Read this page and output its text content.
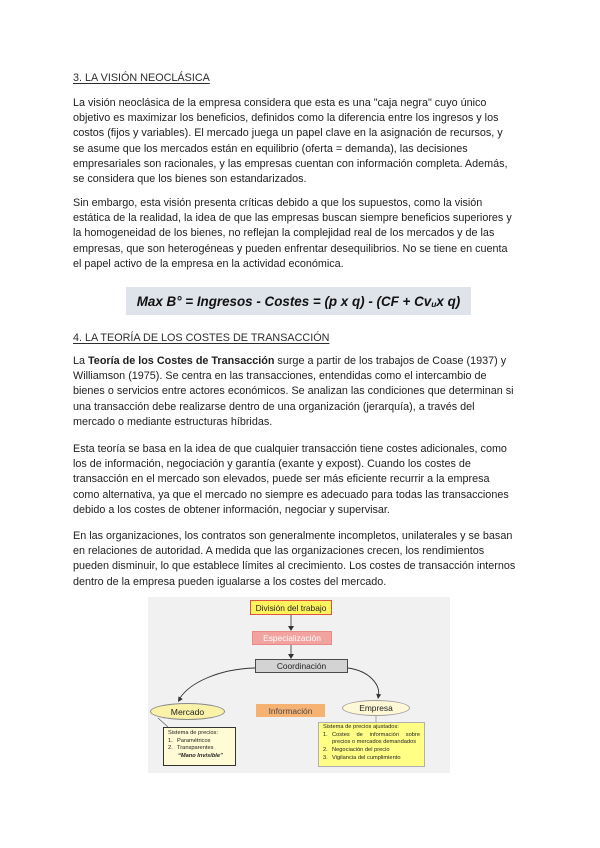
3. LA VISIÓN NEOCLÁSICA
La visión neoclásica de la empresa considera que esta es una "caja negra" cuyo único
objetivo es maximizar los beneficios, definidos como la diferencia entre los ingresos y los
costos (fijos y variables). El mercado juega un papel clave en la asignación de recursos, y
se asume que los mercados están en equilibrio (oferta = demanda), las decisiones
empresariales son racionales, y las empresas cuentan con información completa. Además,
se considera que los bienes son estandarizados.
Sin embargo, esta visión presenta críticas debido a que los supuestos, como la visión
estática de la realidad, la idea de que las empresas buscan siempre beneficios superiores y
la homogeneidad de los bienes, no reflejan la complejidad real de los mercados y de las
empresas, que son heterogéneas y pueden enfrentar desequilibrios. No se tiene en cuenta
el papel activo de la empresa en la actividad económica.
Max B° = Ingresos - Costes = (p x q) - (CF + Cv u x q)
4. LA TEORÍA DE LOS COSTES DE TRANSACCIÓN
La Teoría de los Costes de Transacción surge a partir de los trabajos de Coase (1937) y
Williamson (1975). Se centra en las transacciones, entendidas como el intercambio de
bienes o servicios entre actores económicos. Se analizan las condiciones que determinan si
una transacción debe realizarse dentro de una organización (jerarquía), a través del
mercado o mediante estructuras híbridas.
Esta teoría se basa en la idea de que cualquier transacción tiene costes adicionales, como
los de información, negociación y garantía (exante y expost). Cuando los costes de
transacción en el mercado son elevados, puede ser más eficiente recurrir a la empresa
como alternativa, ya que el mercado no siempre es adecuado para todas las transacciones
debido a los costes de obtener información, negociar y supervisar.
En las organizaciones, los contratos son generalmente incompletos, unilaterales y se basan
en relaciones de autoridad. A medida que las organizaciones crecen, los rendimientos
pueden disminuir, lo que establece límites al crecimiento. Los costes de transacción internos
dentro de la empresa pueden igualarse a los costes del mercado.
División del trabajo
Especialización
Coordinación
Mercado	Información	Empresa
Sistema de precios:
1. Paramétricos
2. Transparentes
“Mano Invisible”
Sistema de precios ajustados:
1. Costes de información sobre precios o mercados demandados
2. Negociación del precio
3. Vigilancia del cumplimiento
